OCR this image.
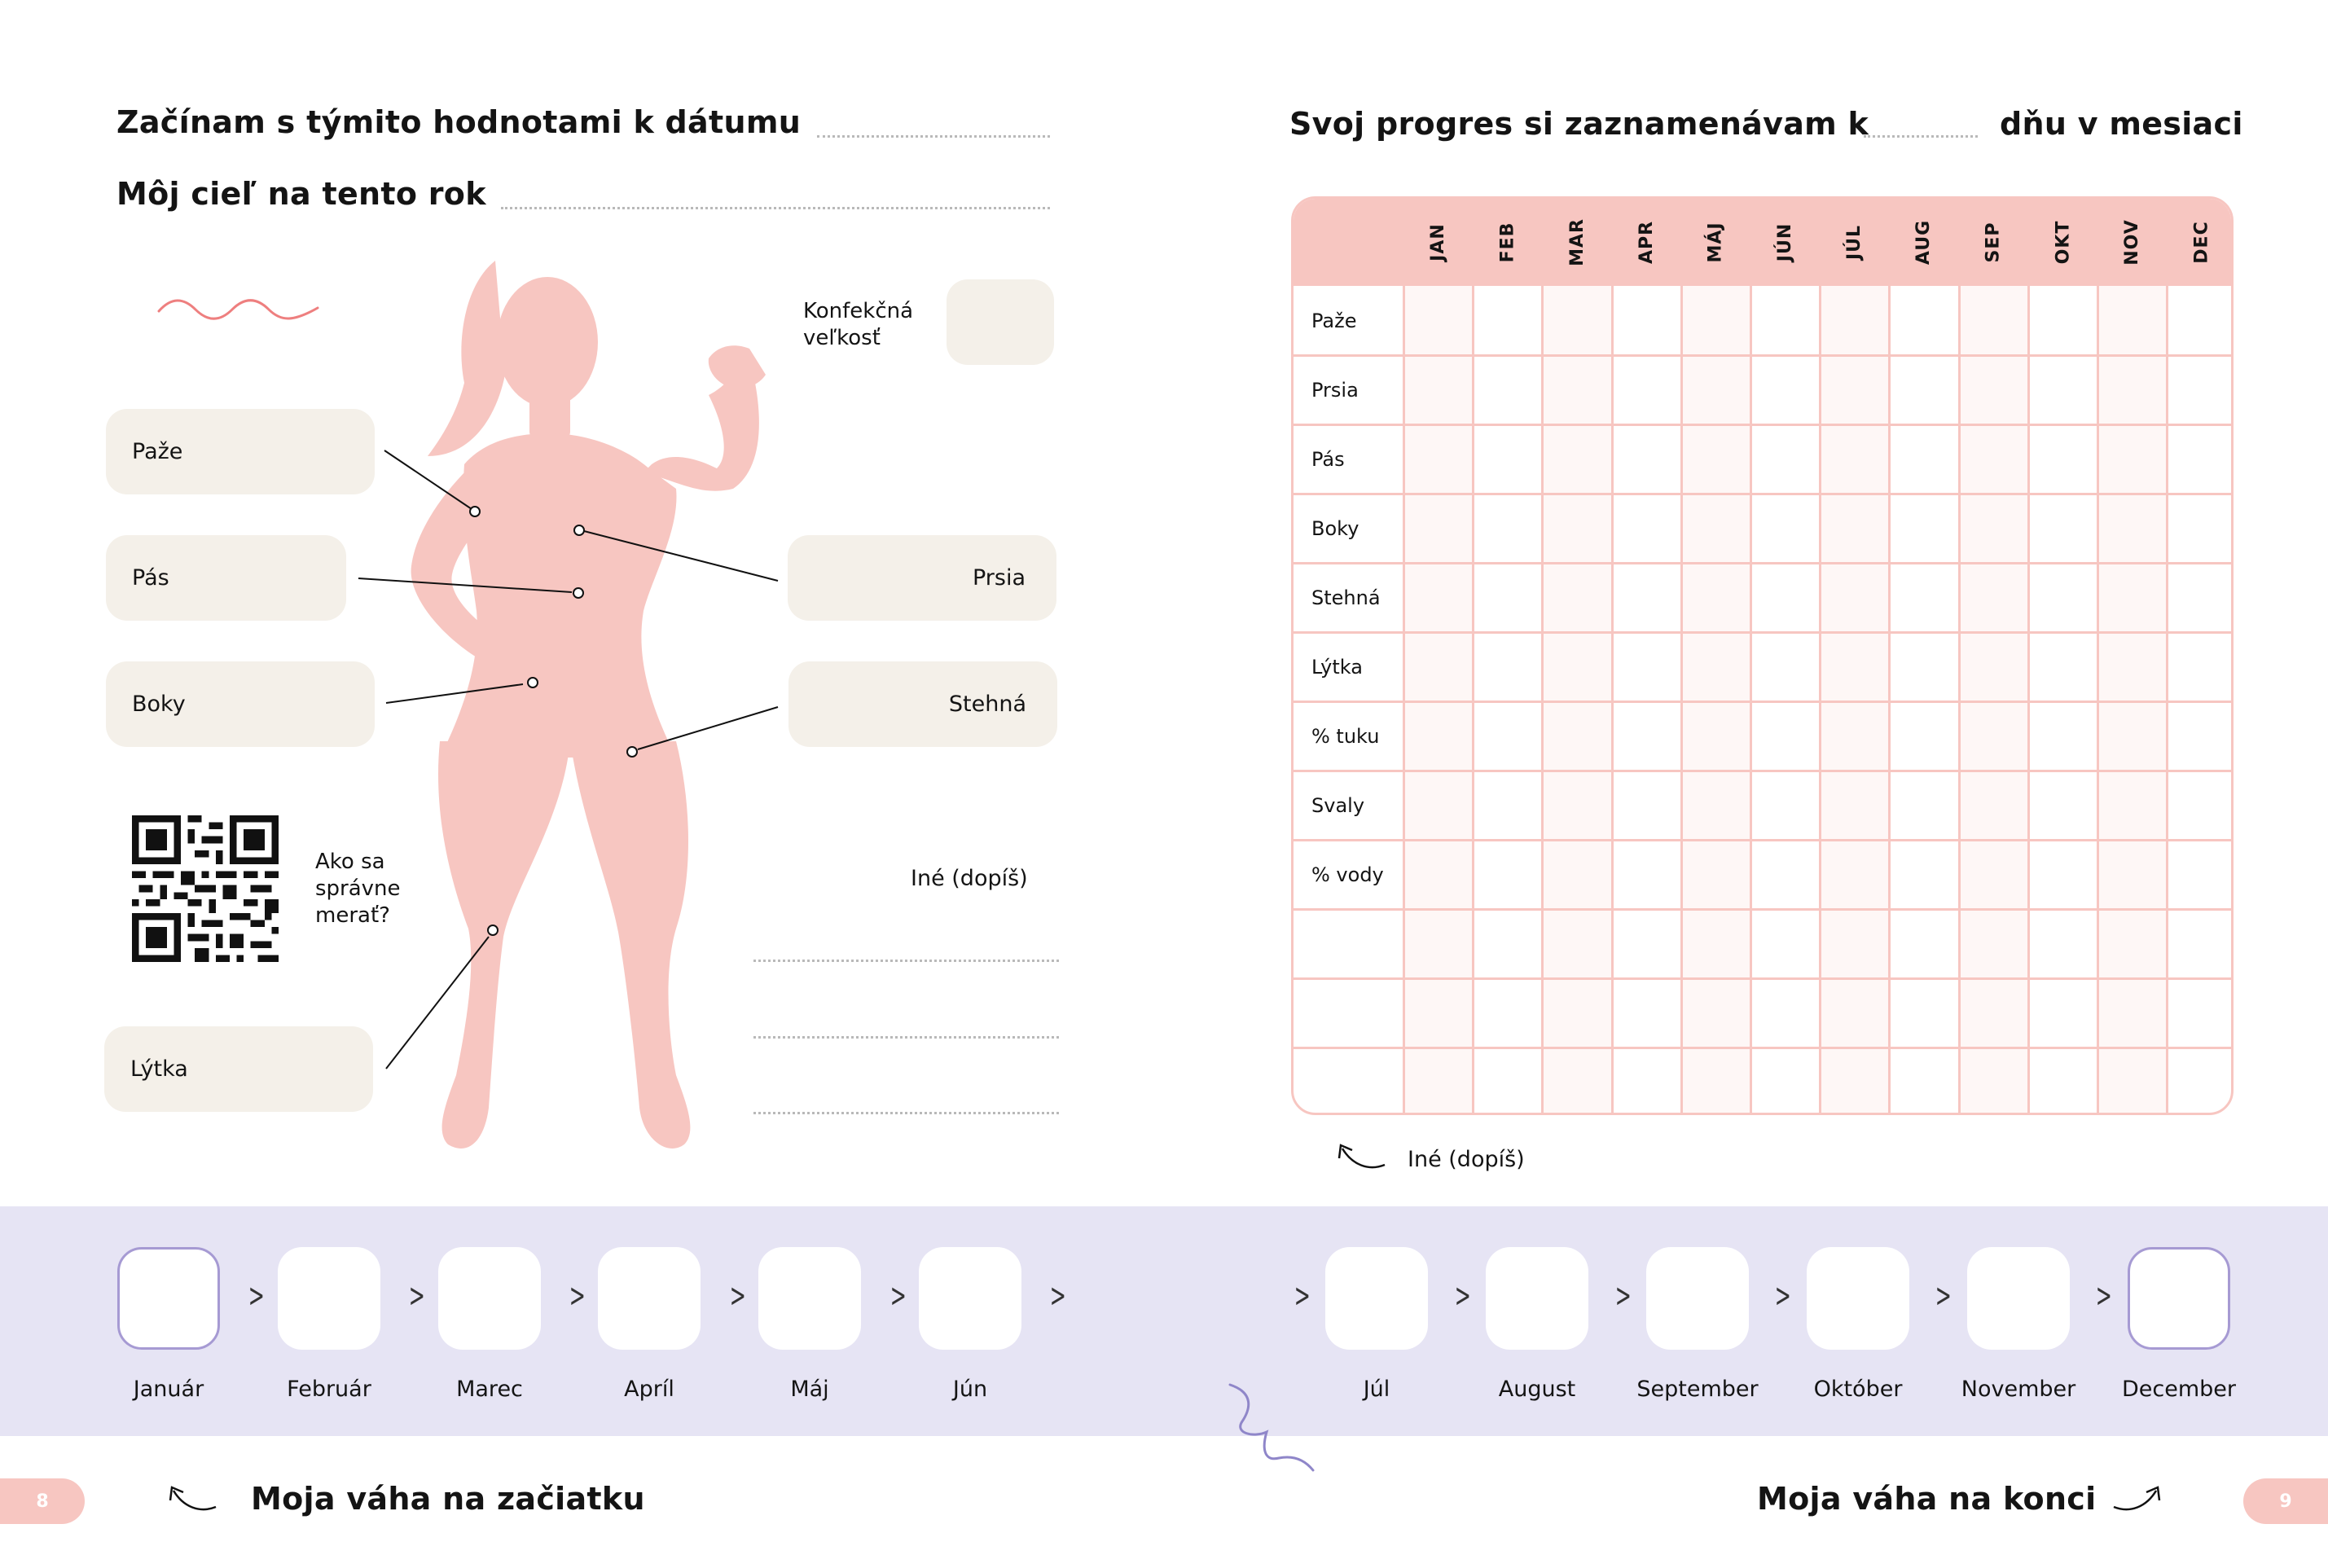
Začínam s týmito hodnotami k dátumu
Môj cieľ na tento rok
Paže
Pás
Boky
Lýtka
Prsia
Stehná
Konfekčná
veľkosť
Ako sa
správne
merať?
Iné (dopíš)
Svoj progres si zaznamenávam k	dňu v mesiaci
JAN	FEB	MAR	APR	MÁJ	JÚN	JÚL	AUG	SEP	OKT	NOV	DEC
Paže
Prsia
Pás
Boky
Stehná
Lýtka
% tuku
Svaly
% vody
Iné (dopíš)
Január
>
Február
>
Marec
>
Apríl
>
Máj
>
Jún
>
Júl
>
August
>
September
>
Október
>
November
>
December
>
8	Moja váha na začiatku	Moja váha na konci	9
